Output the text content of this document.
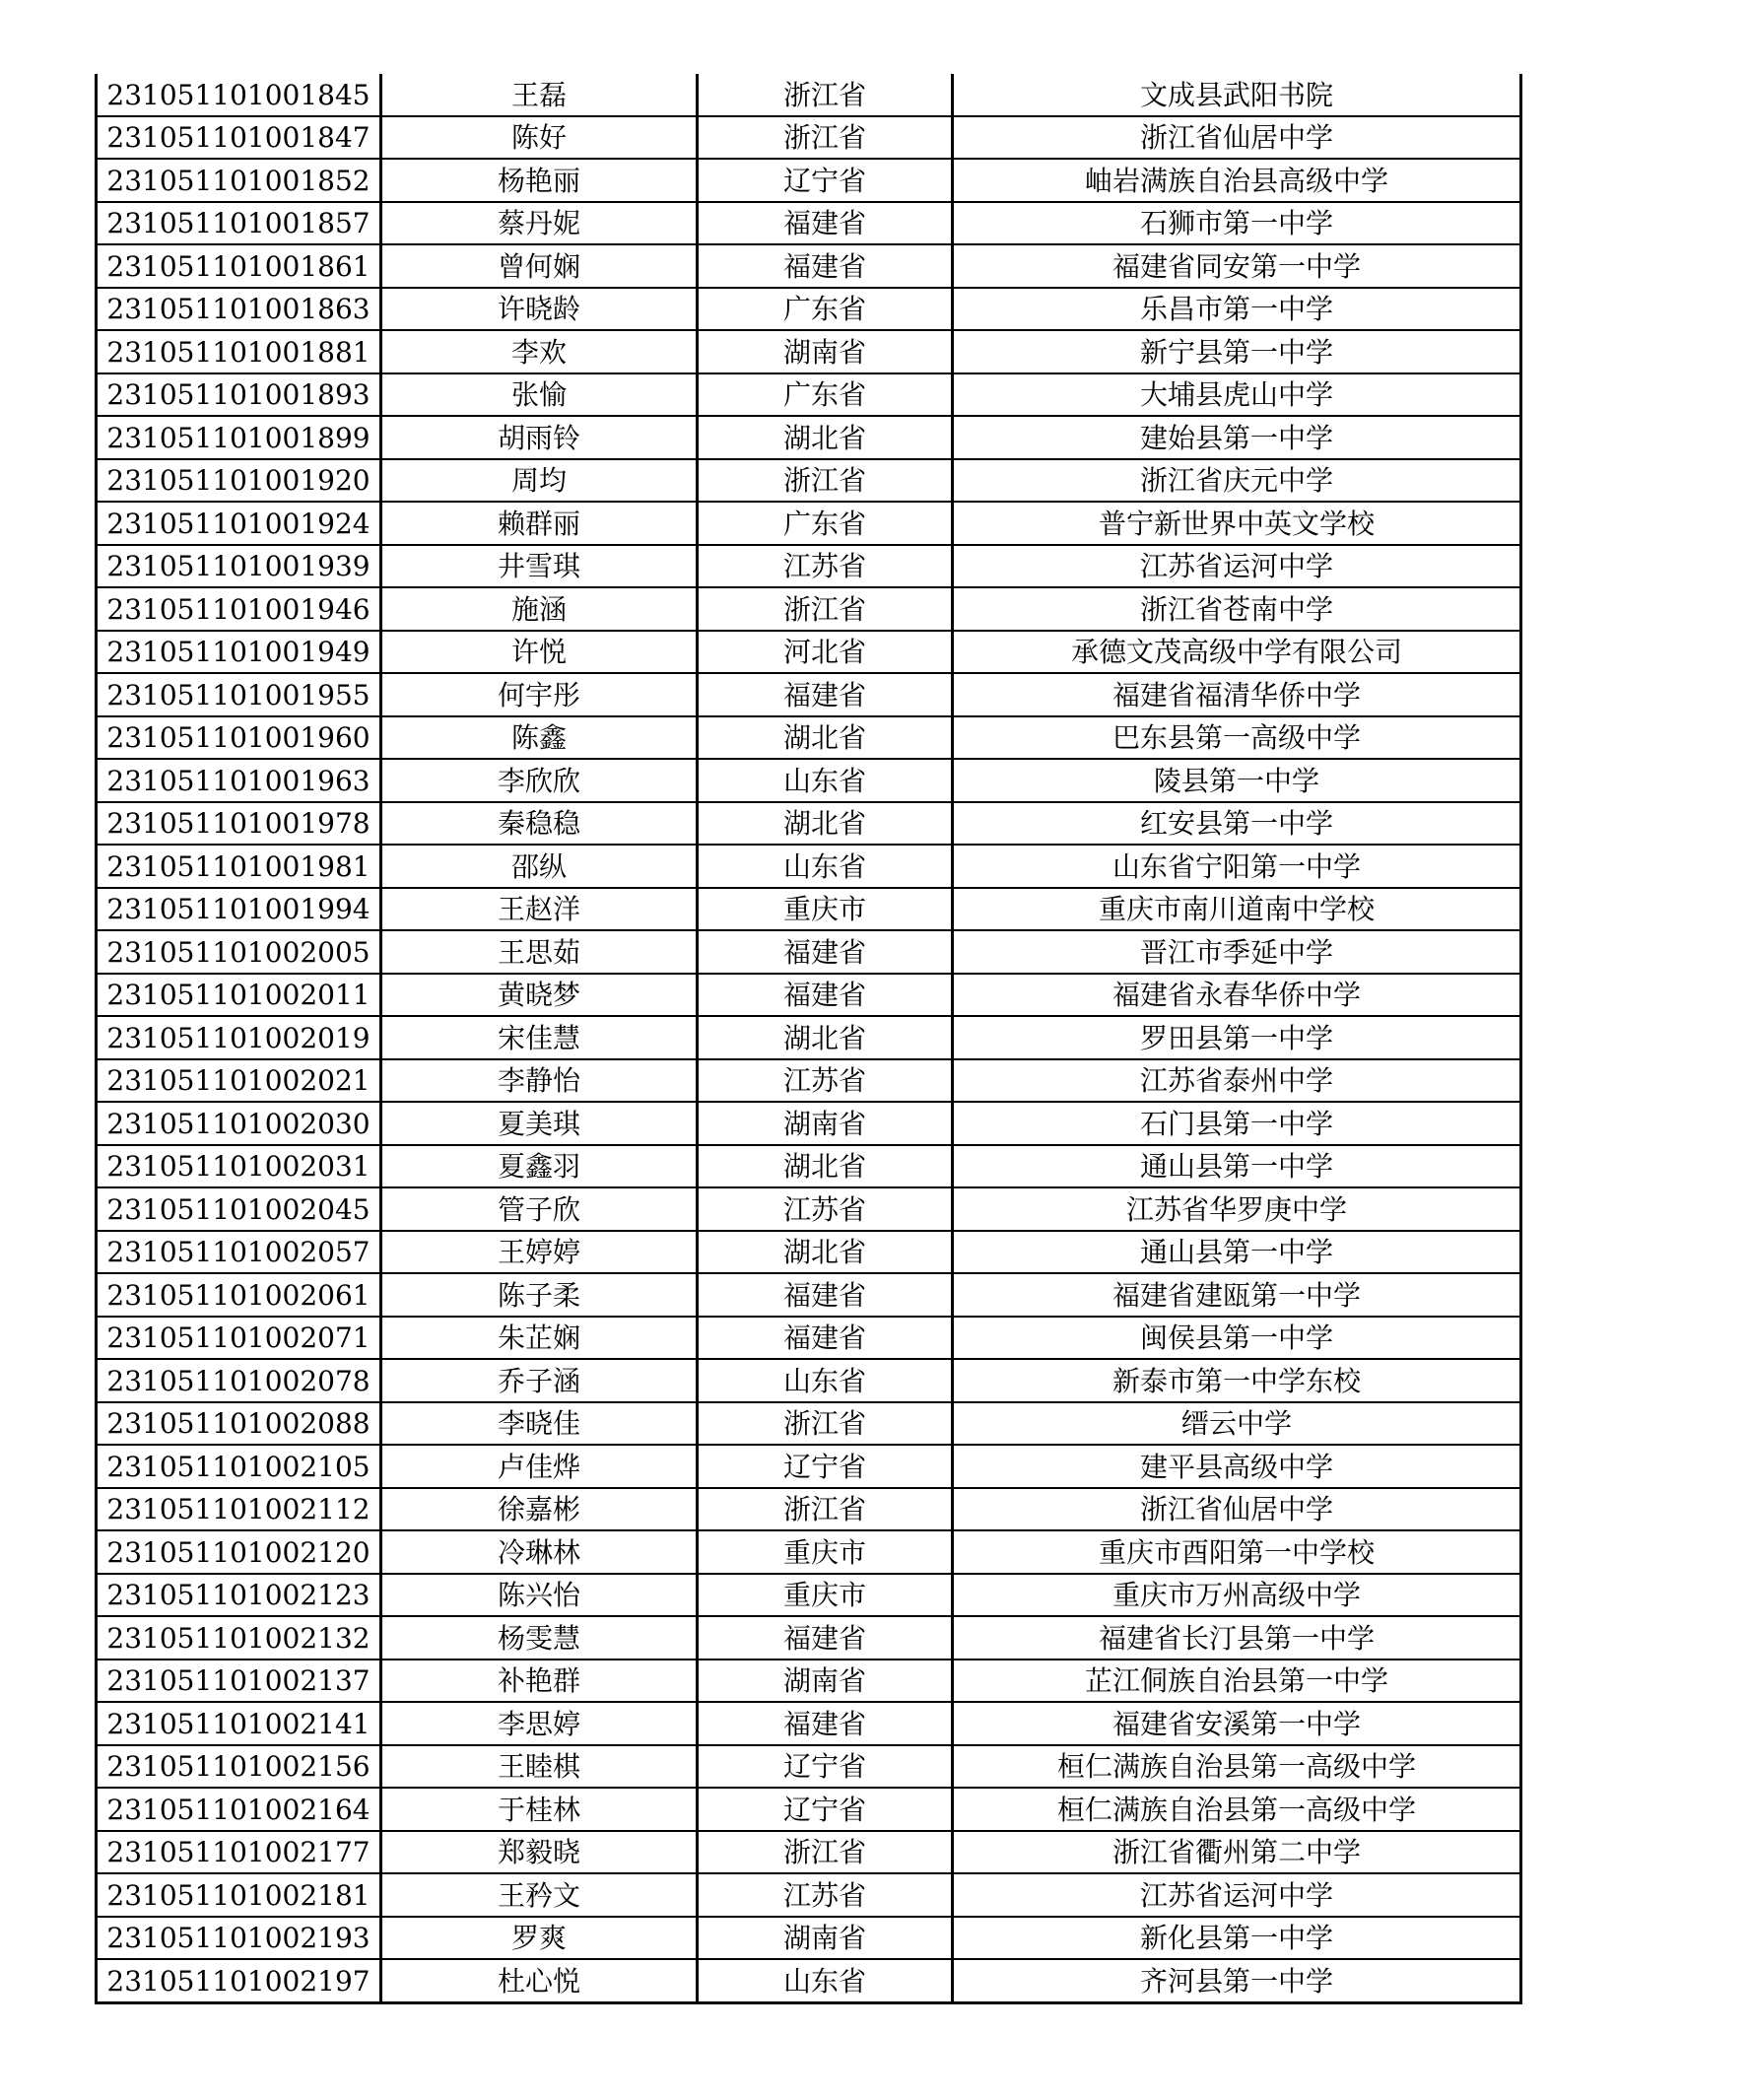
231051101001845	王磊	浙江省	文成县武阳书院
231051101001847	陈好	浙江省	浙江省仙居中学
231051101001852	杨艳丽	辽宁省	岫岩满族自治县高级中学
231051101001857	蔡丹妮	福建省	石狮市第一中学
231051101001861	曾何娴	福建省	福建省同安第一中学
231051101001863	许晓龄	广东省	乐昌市第一中学
231051101001881	李欢	湖南省	新宁县第一中学
231051101001893	张愉	广东省	大埔县虎山中学
231051101001899	胡雨铃	湖北省	建始县第一中学
231051101001920	周均	浙江省	浙江省庆元中学
231051101001924	赖群丽	广东省	普宁新世界中英文学校
231051101001939	井雪琪	江苏省	江苏省运河中学
231051101001946	施涵	浙江省	浙江省苍南中学
231051101001949	许悦	河北省	承德文茂高级中学有限公司
231051101001955	何宇彤	福建省	福建省福清华侨中学
231051101001960	陈鑫	湖北省	巴东县第一高级中学
231051101001963	李欣欣	山东省	陵县第一中学
231051101001978	秦稳稳	湖北省	红安县第一中学
231051101001981	邵纵	山东省	山东省宁阳第一中学
231051101001994	王赵洋	重庆市	重庆市南川道南中学校
231051101002005	王思茹	福建省	晋江市季延中学
231051101002011	黄晓梦	福建省	福建省永春华侨中学
231051101002019	宋佳慧	湖北省	罗田县第一中学
231051101002021	李静怡	江苏省	江苏省泰州中学
231051101002030	夏美琪	湖南省	石门县第一中学
231051101002031	夏鑫羽	湖北省	通山县第一中学
231051101002045	管子欣	江苏省	江苏省华罗庚中学
231051101002057	王婷婷	湖北省	通山县第一中学
231051101002061	陈子柔	福建省	福建省建瓯第一中学
231051101002071	朱芷娴	福建省	闽侯县第一中学
231051101002078	乔子涵	山东省	新泰市第一中学东校
231051101002088	李晓佳	浙江省	缙云中学
231051101002105	卢佳烨	辽宁省	建平县高级中学
231051101002112	徐嘉彬	浙江省	浙江省仙居中学
231051101002120	冷琳林	重庆市	重庆市酉阳第一中学校
231051101002123	陈兴怡	重庆市	重庆市万州高级中学
231051101002132	杨雯慧	福建省	福建省长汀县第一中学
231051101002137	补艳群	湖南省	芷江侗族自治县第一中学
231051101002141	李思婷	福建省	福建省安溪第一中学
231051101002156	王睦棋	辽宁省	桓仁满族自治县第一高级中学
231051101002164	于桂林	辽宁省	桓仁满族自治县第一高级中学
231051101002177	郑毅晓	浙江省	浙江省衢州第二中学
231051101002181	王矜文	江苏省	江苏省运河中学
231051101002193	罗爽	湖南省	新化县第一中学
231051101002197	杜心悦	山东省	齐河县第一中学
